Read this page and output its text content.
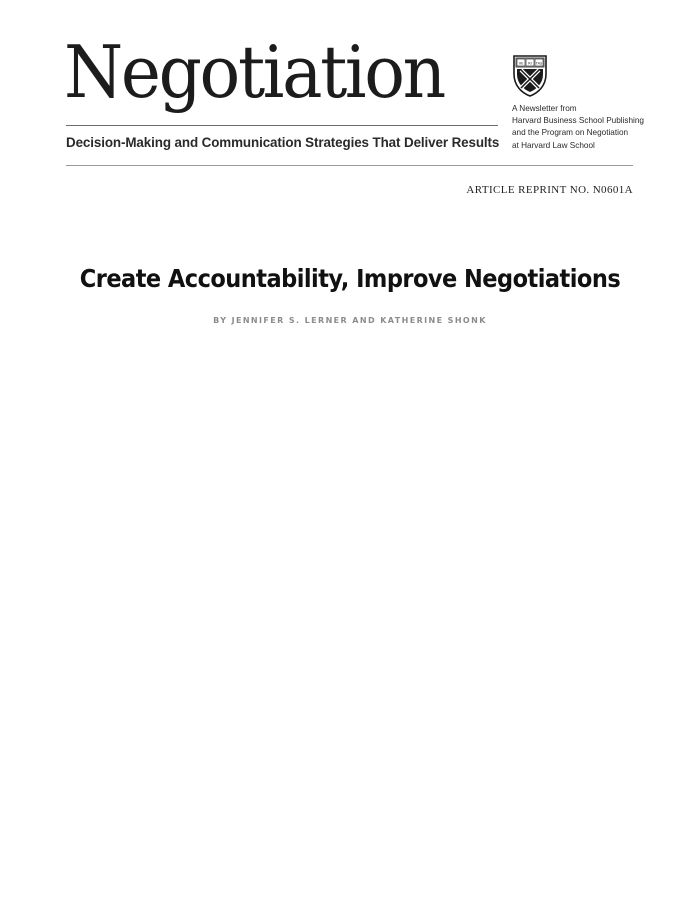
Negotiation
Decision-Making and Communication Strategies That Deliver Results
VE RI TAS
A Newsletter from
Harvard Business School Publishing
and the Program on Negotiation
at Harvard Law School
ARTICLE REPRINT NO. N0601A
Create Accountability, Improve Negotiations
BY JENNIFER S. LERNER AND KATHERINE SHONK
